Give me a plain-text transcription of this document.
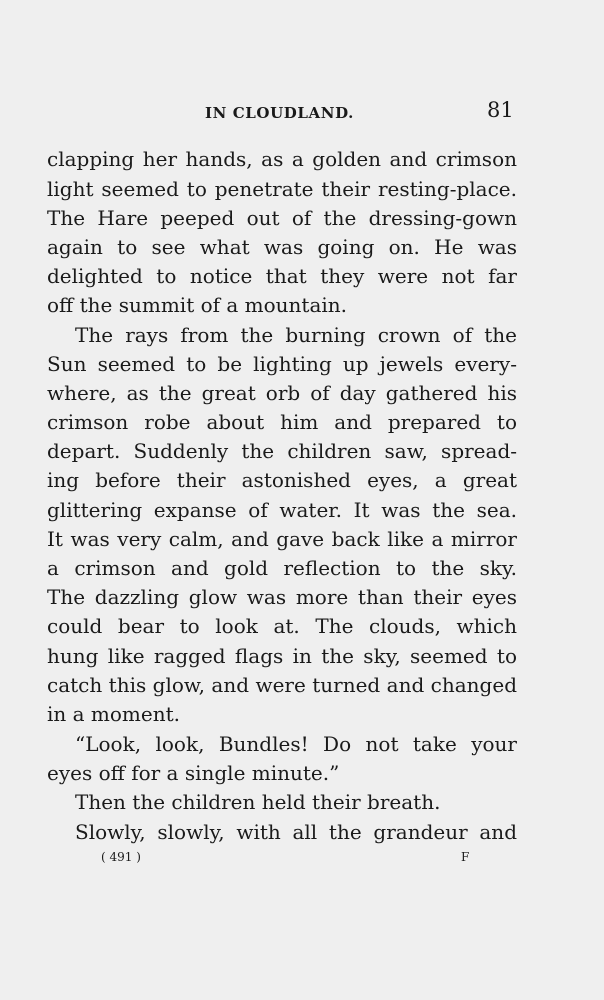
IN CLOUDLAND.	81
clapping her hands, as a golden and crimson
light seemed to penetrate their resting-place.
The Hare peeped out of the dressing-gown
again to see what was going on. He was
delighted to notice that they were not far
off the summit of a mountain.
The rays from the burning crown of the
Sun seemed to be lighting up jewels every-
where, as the great orb of day gathered his
crimson robe about him and prepared to
depart. Suddenly the children saw, spread-
ing before their astonished eyes, a great
glittering expanse of water. It was the sea.
It was very calm, and gave back like a mirror
a crimson and gold reflection to the sky.
The dazzling glow was more than their eyes
could bear to look at. The clouds, which
hung like ragged flags in the sky, seemed to
catch this glow, and were turned and changed
in a moment.
“Look, look, Bundles! Do not take your
eyes off for a single minute.”
Then the children held their breath.
Slowly, slowly, with all the grandeur and
( 491 )	F
